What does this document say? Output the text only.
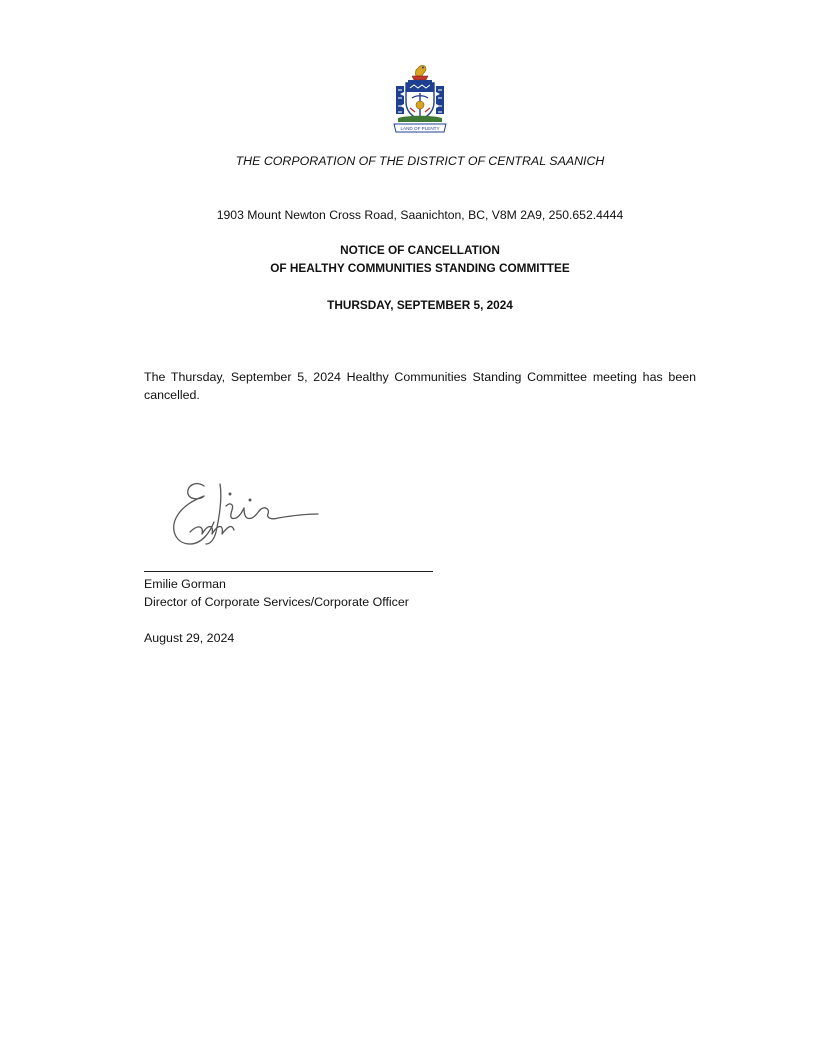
LAND OF PLENTY
THE CORPORATION OF THE DISTRICT OF CENTRAL SAANICH
1903 Mount Newton Cross Road, Saanichton, BC, V8M 2A9, 250.652.4444
NOTICE OF CANCELLATION
OF HEALTHY COMMUNITIES STANDING COMMITTEE
THURSDAY, SEPTEMBER 5, 2024
The Thursday, September 5, 2024 Healthy Communities Standing Committee meeting has been cancelled.
Emilie Gorman
Director of Corporate Services/Corporate Officer
August 29, 2024
